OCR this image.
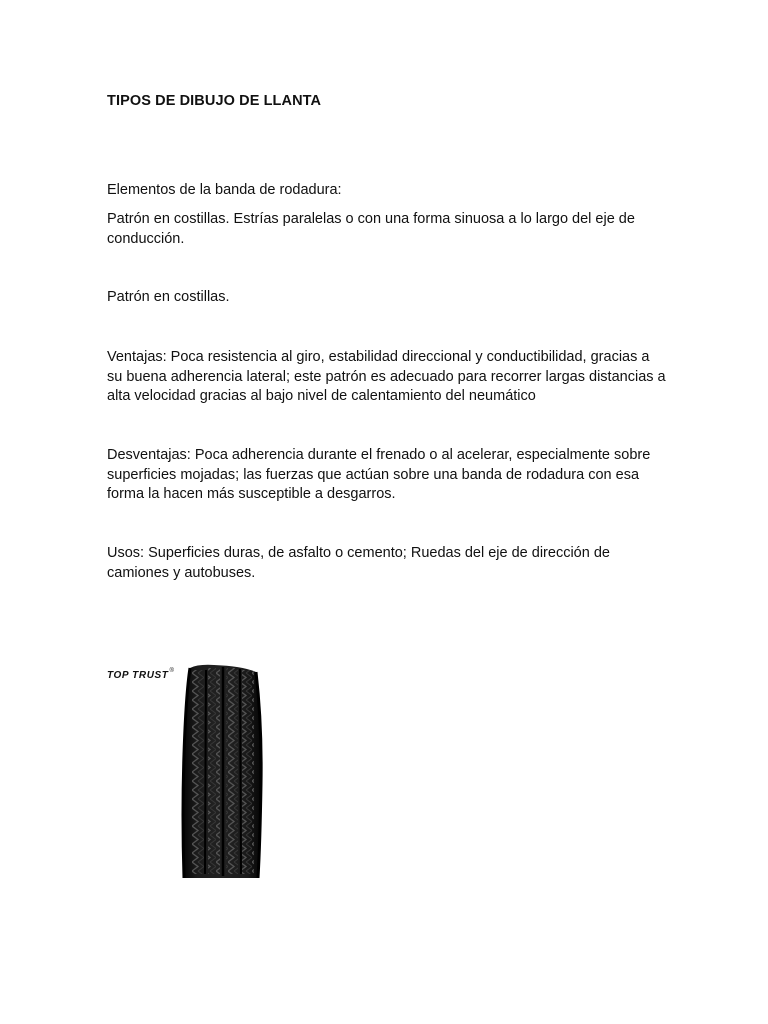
TIPOS DE DIBUJO DE LLANTA
Elementos de la banda de rodadura:
Patrón en costillas. Estrías paralelas o con una forma sinuosa a lo largo del eje de conducción.
Patrón en costillas.
Ventajas: Poca resistencia al giro, estabilidad direccional y conductibilidad, gracias a su buena adherencia lateral; este patrón es adecuado para recorrer largas distancias a alta velocidad gracias al bajo nivel de calentamiento del neumático
Desventajas: Poca adherencia durante el frenado o al acelerar, especialmente sobre superficies mojadas; las fuerzas que actúan sobre una banda de rodadura con esa forma la hacen más susceptible a desgarros.
Usos: Superficies duras, de asfalto o cemento; Ruedas del eje de dirección de camiones y autobuses.
TOP TRUST®
